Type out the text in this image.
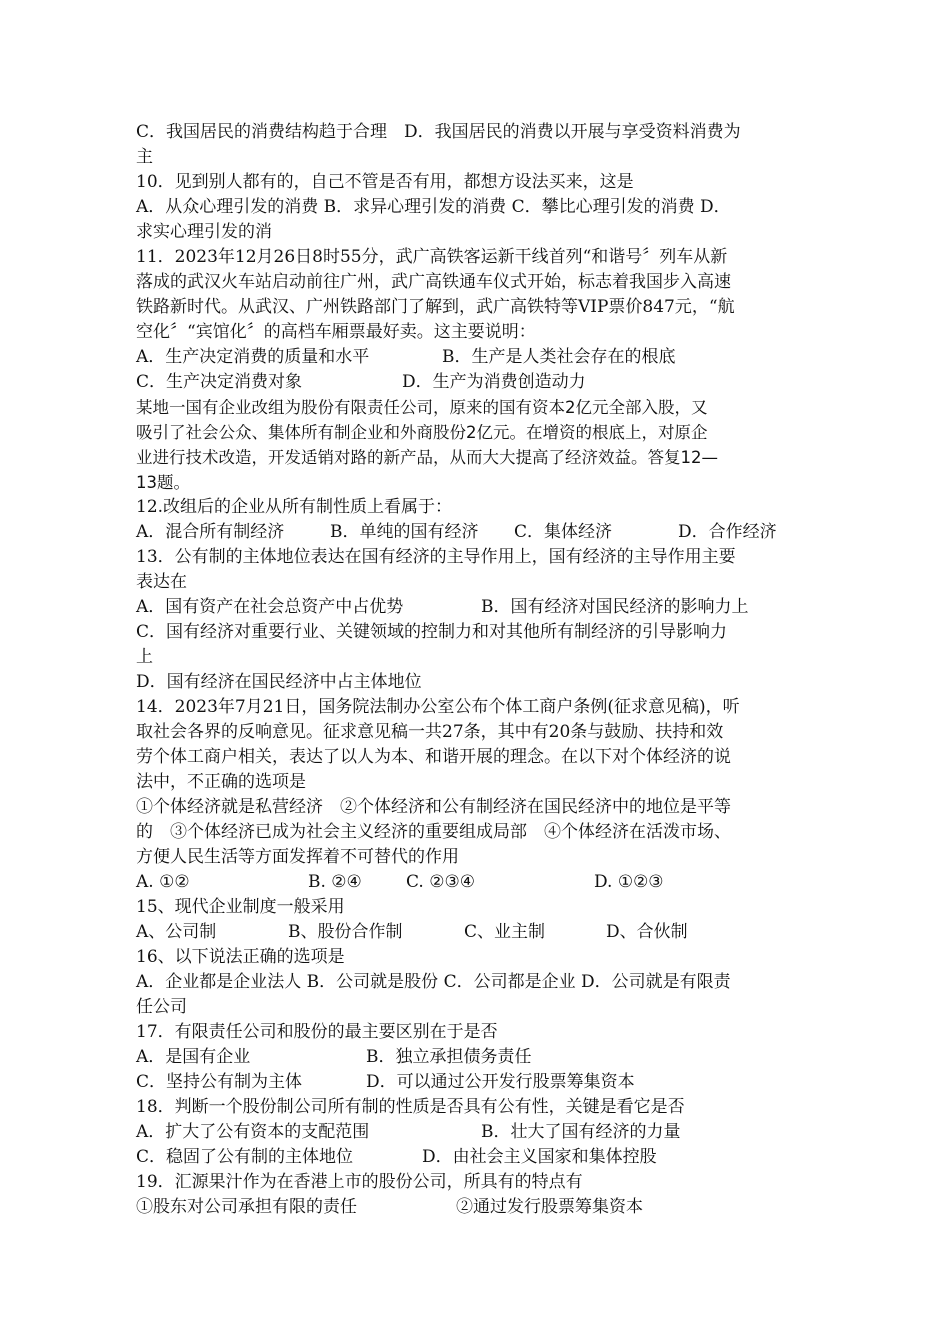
C．我国居民的消费结构趋于合理　D．我国居民的消费以开展与享受资料消费为
主
10．见到别人都有的，自己不管是否有用，都想方设法买来，这是
A．从众心理引发的消费 B．求异心理引发的消费 C．攀比心理引发的消费 D．
求实心理引发的消
11．2023年12月26日8时55分，武广高铁客运新干线首列“和谐号〞列车从新
落成的武汉火车站启动前往广州，武广高铁通车仪式开始，标志着我国步入高速
铁路新时代。从武汉、广州铁路部门了解到，武广高铁特等VIP票价847元，“航
空化〞“宾馆化〞的高档车厢票最好卖。这主要说明：
A．生产决定消费的质量和水平	B．生产是人类社会存在的根底
C．生产决定消费对象	D．生产为消费创造动力
某地一国有企业改组为股份有限责任公司，原来的国有资本2亿元全部入股，又
吸引了社会公众、集体所有制企业和外商股份2亿元。在增资的根底上，对原企
业进行技术改造，开发适销对路的新产品，从而大大提高了经济效益。答复12—
13题。
12.改组后的企业从所有制性质上看属于：
A．混合所有制经济	B．单纯的国有经济 C．集体经济	D．合作经济
13．公有制的主体地位表达在国有经济的主导作用上，国有经济的主导作用主要
表达在
A．国有资产在社会总资产中占优势	B．国有经济对国民经济的影响力上
C．国有经济对重要行业、关键领域的控制力和对其他所有制经济的引导影响力
上
D．国有经济在国民经济中占主体地位
14．2023年7月21日，国务院法制办公室公布个体工商户条例(征求意见稿)，听
取社会各界的反响意见。征求意见稿一共27条，其中有20条与鼓励、扶持和效
劳个体工商户相关，表达了以人为本、和谐开展的理念。在以下对个体经济的说
法中，不正确的选项是
①个体经济就是私营经济　②个体经济和公有制经济在国民经济中的地位是平等
的　③个体经济已成为社会主义经济的重要组成局部　④个体经济在活泼市场、
方便人民生活等方面发挥着不可替代的作用
A. ①②	B. ②④	C. ②③④	D. ①②③
15、现代企业制度一般采用
A、公司制	B、股份合作制	C、业主制	D、合伙制
16、以下说法正确的选项是
A．企业都是企业法人 B．公司就是股份 C．公司都是企业 D．公司就是有限责
任公司
17．有限责任公司和股份的最主要区别在于是否
A．是国有企业	B．独立承担债务责任
C．坚持公有制为主体	D．可以通过公开发行股票筹集资本
18．判断一个股份制公司所有制的性质是否具有公有性，关键是看它是否
A．扩大了公有资本的支配范围	B．壮大了国有经济的力量
C．稳固了公有制的主体地位	D．由社会主义国家和集体控股
19．汇源果汁作为在香港上市的股份公司，所具有的特点有
①股东对公司承担有限的责任	②通过发行股票筹集资本
